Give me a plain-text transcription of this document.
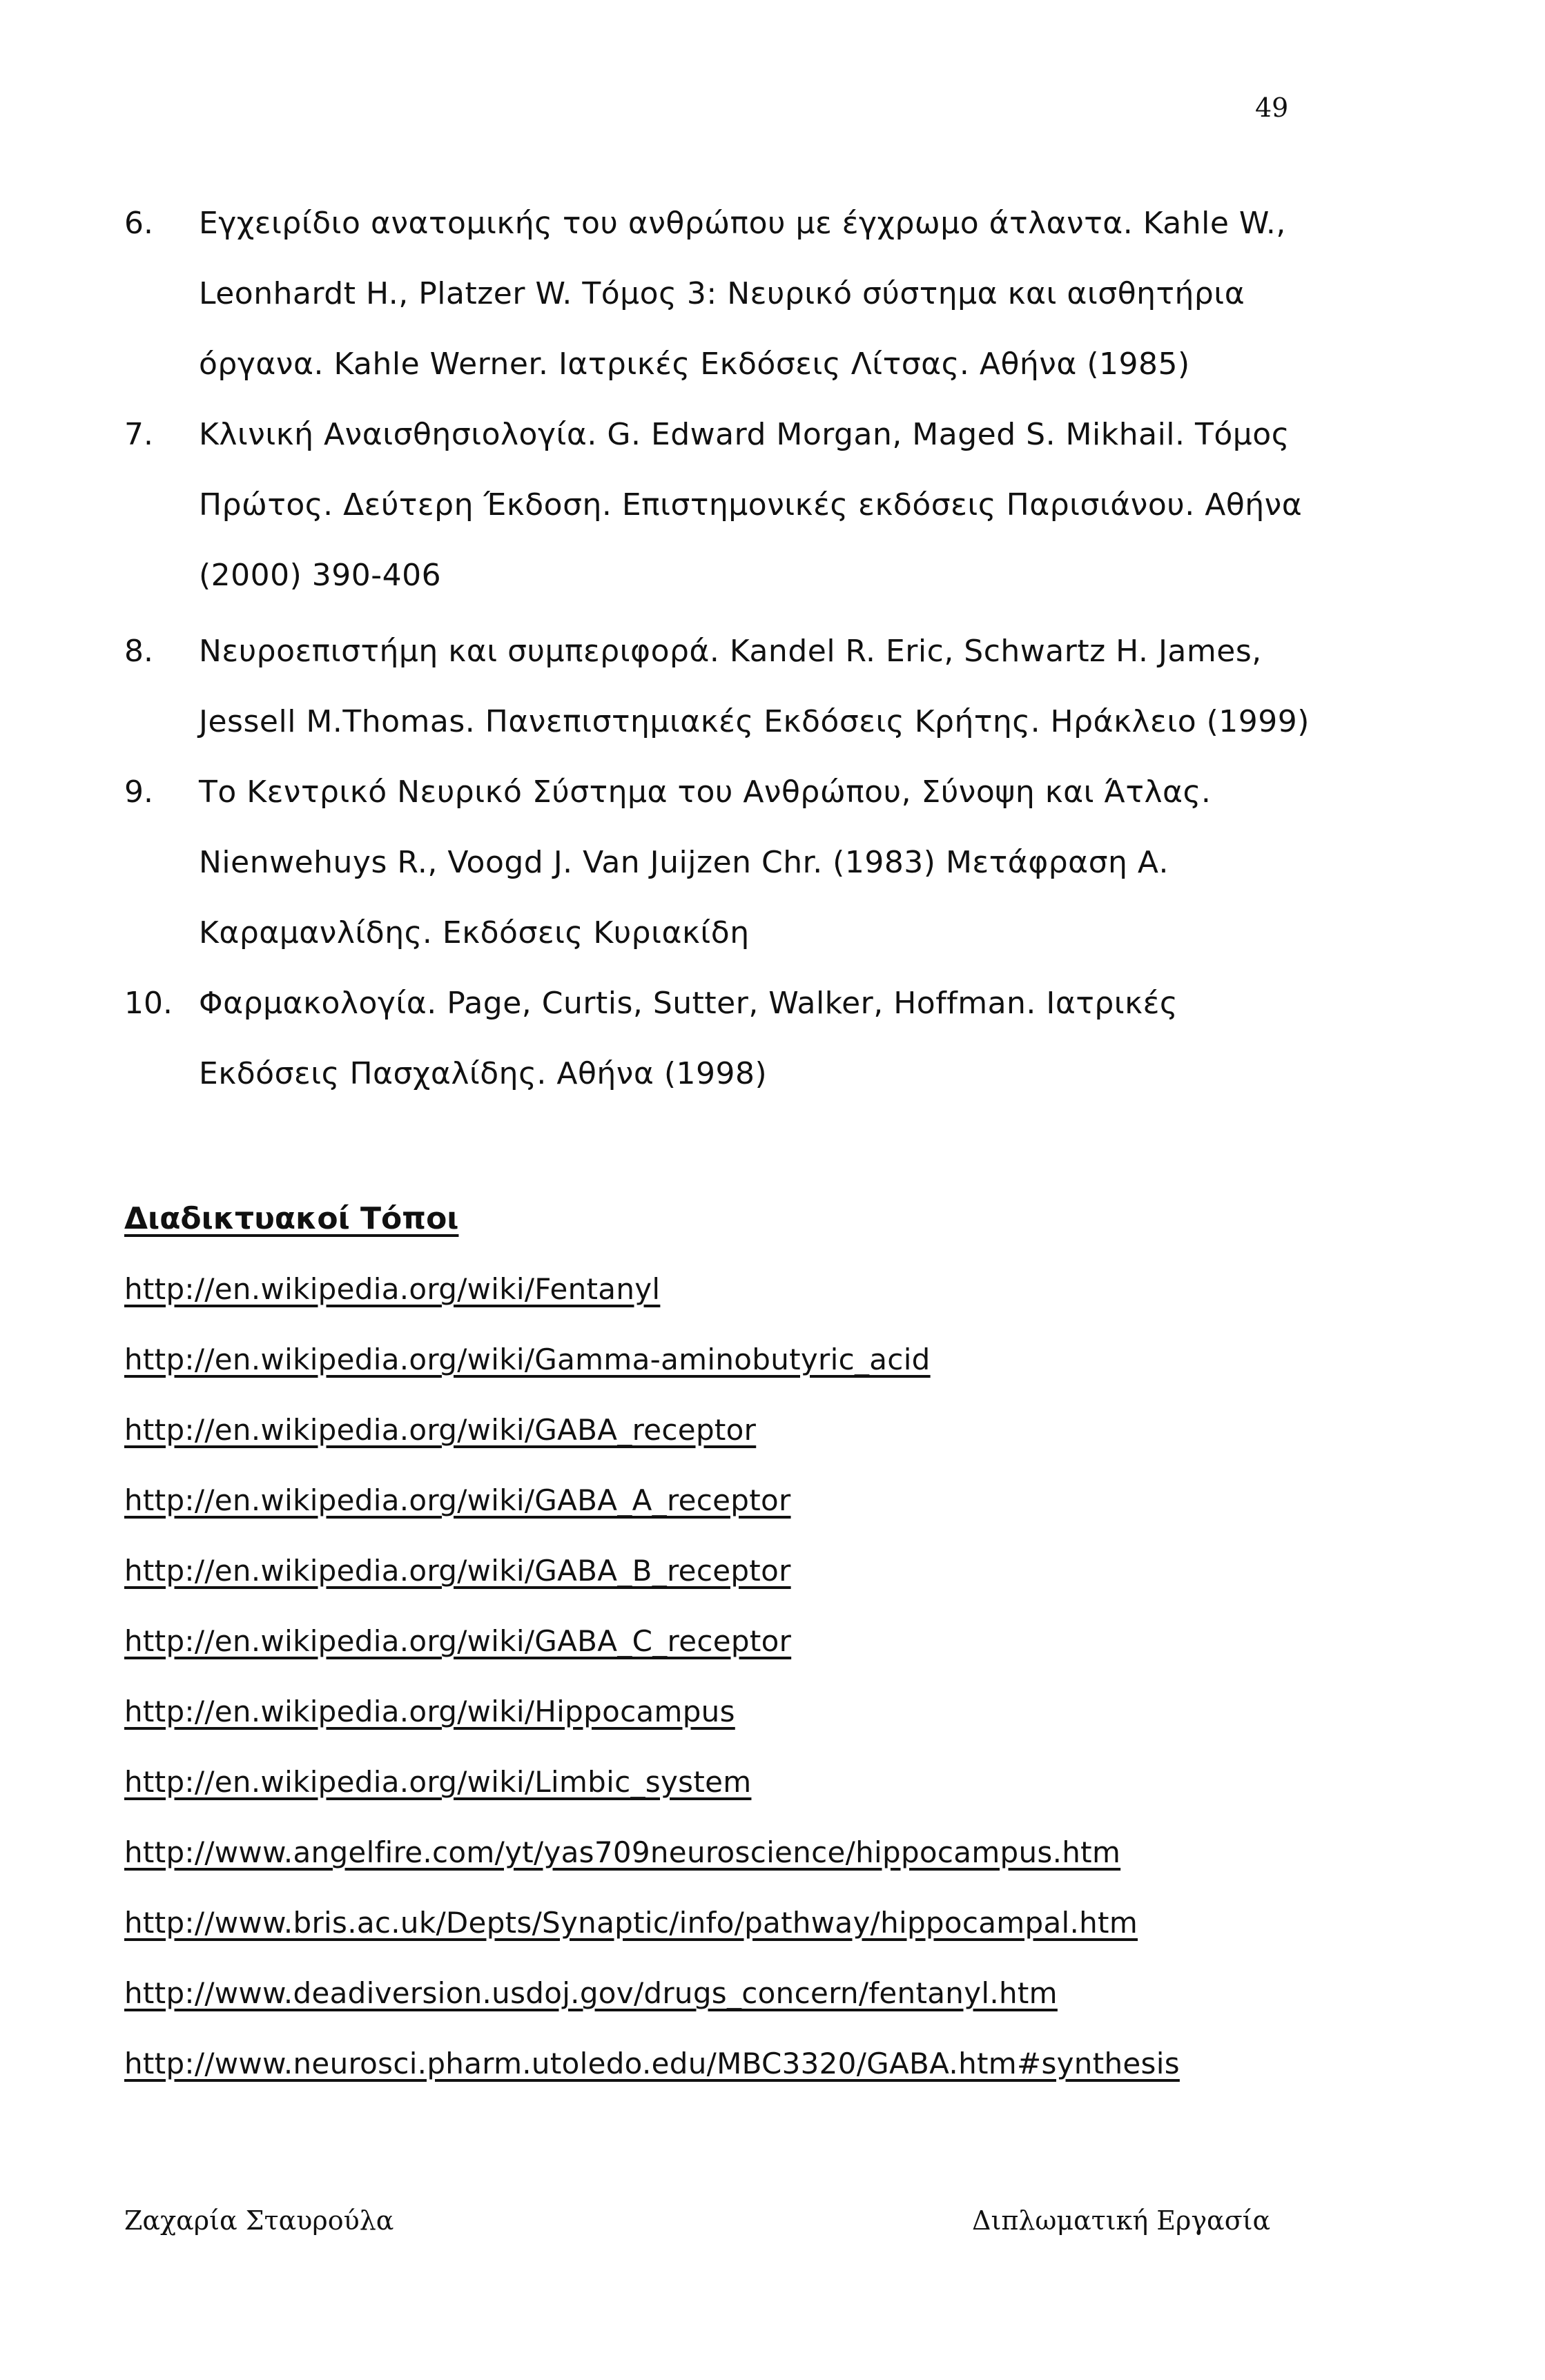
49
6. Εγχειρίδιο ανατομικής του ανθρώπου με έγχρωμο άτλαντα. Kahle W.,
Leonhardt H., Platzer W. Τόμος 3: Νευρικό σύστημα και αισθητήρια
όργανα. Kahle Werner. Ιατρικές Εκδόσεις Λίτσας. Αθήνα (1985)
7. Κλινική Αναισθησιολογία. G. Edward Morgan, Maged S. Mikhail. Τόμος
Πρώτος. Δεύτερη Έκδοση. Επιστημονικές εκδόσεις Παρισιάνου. Αθήνα
(2000) 390-406
8. Νευροεπιστήμη και συμπεριφορά. Kandel R. Eric, Schwartz H. James,
Jessell M.Thomas. Πανεπιστημιακές Εκδόσεις Κρήτης. Ηράκλειο (1999)
9. Το Κεντρικό Νευρικό Σύστημα του Ανθρώπου, Σύνοψη και Άτλας.
Nienwehuys R., Voogd J. Van Juijzen Chr. (1983) Μετάφραση Α.
Καραμανλίδης. Εκδόσεις Κυριακίδη
10. Φαρμακολογία. Page, Curtis, Sutter, Walker, Hoffman. Ιατρικές
Εκδόσεις Πασχαλίδης. Αθήνα (1998)
Διαδικτυακοί Τόποι
http://en.wikipedia.org/wiki/Fentanyl
http://en.wikipedia.org/wiki/Gamma-aminobutyric_acid
http://en.wikipedia.org/wiki/GABA_receptor
http://en.wikipedia.org/wiki/GABA_A_receptor
http://en.wikipedia.org/wiki/GABA_B_receptor
http://en.wikipedia.org/wiki/GABA_C_receptor
http://en.wikipedia.org/wiki/Hippocampus
http://en.wikipedia.org/wiki/Limbic_system
http://www.angelfire.com/yt/yas709neuroscience/hippocampus.htm
http://www.bris.ac.uk/Depts/Synaptic/info/pathway/hippocampal.htm
http://www.deadiversion.usdoj.gov/drugs_concern/fentanyl.htm
http://www.neurosci.pharm.utoledo.edu/MBC3320/GABA.htm#synthesis
Ζαχαρία Σταυρούλα	Διπλωματική Εργασία
